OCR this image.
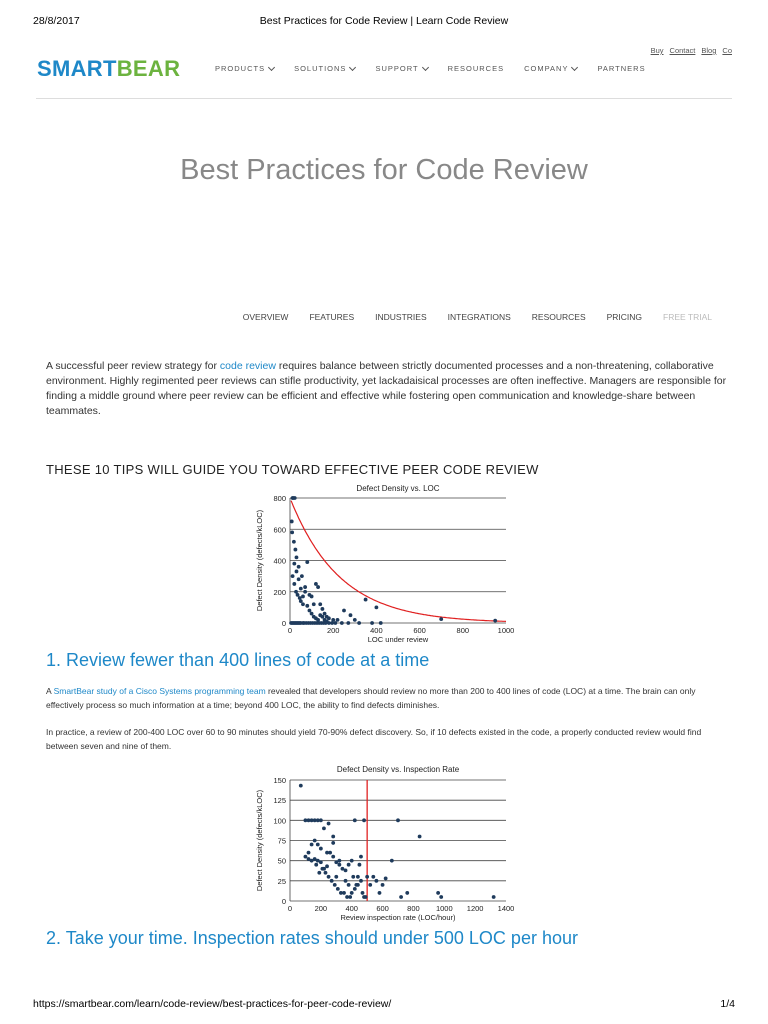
28/8/2017	Best Practices for Code Review | Learn Code Review
SMARTBEAR	PRODUCTS	SOLUTIONS	SUPPORT	RESOURCES	COMPANY	PARTNERS
Buy Contact Blog Co
Best Practices for Code Review
OVERVIEW FEATURES INDUSTRIES INTEGRATIONS RESOURCES PRICING FREE TRIAL

A successful peer review strategy for code review requires balance between strictly documented processes and a non-threatening, collaborative environment. Highly regimented peer reviews can stifle productivity, yet lackadaisical processes are often ineffective. Managers are responsible for finding a middle ground where peer review can be efficient and effective while fostering open communication and knowledge-share between teammates.

THESE 10 TIPS WILL GUIDE YOU TOWARD EFFECTIVE PEER CODE REVIEW
Defect Density vs. LOC
0
200
400
600
800
0	200	400	600	800	1000
LOC under review
Defect Density (defects/kLOC)
1. Review fewer than 400 lines of code at a time

A SmartBear study of a Cisco Systems programming team revealed that developers should review no more than 200 to 400 lines of code (LOC) at a time. The brain can only effectively process so much information at a time; beyond 400 LOC, the ability to find defects diminishes.

In practice, a review of 200-400 LOC over 60 to 90 minutes should yield 70-90% defect discovery. So, if 10 defects existed in the code, a properly conducted review would find between seven and nine of them.

Defect Density vs. Inspection Rate
0
25
50
75
100
125
150
0	200 400 600 800 1000 1200 1400
Review inspection rate (LOC/hour)
Defect Density (defects/kLOC)
2. Take your time. Inspection rates should under 500 LOC per hour
https://smartbear.com/learn/code-review/best-practices-for-peer-code-review/	1/4
